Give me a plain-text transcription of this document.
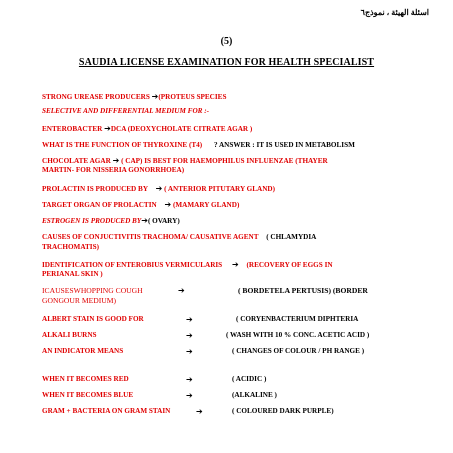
اسئلة الهيئة ، نموذج٦
(5)
SAUDIA LICENSE EXAMINATION FOR HEALTH SPECIALIST
STRONG UREASE PRODUCERS ➔(PROTEUS SPECIES
SELECTIVE AND DIFFERENTIAL MEDIUM FOR :-
ENTEROBACTER ➔DCA (DEOXYCHOLATE CITRATE AGAR )
WHAT IS THE FUNCTION OF THYROXINE (T4) ? ANSWER : IT IS USED IN METABOLISM
CHOCOLATE AGAR ➔ ( CAP) IS BEST FOR HAEMOPHILUS INFLUENZAE (THAYER
MARTIN- FOR NISSERIA GONORRHOEA)
PROLACTIN IS PRODUCED BY ➔ ( ANTERIOR PITUTARY GLAND)
TARGET ORGAN OF PROLACTIN ➔ (MAMARY GLAND)
ESTROGEN IS PRODUCED BY➔( OVARY)
CAUSES OF CONJUCTIVITIS TRACHOMA/ CAUSATIVE AGENT ( CHLAMYDIA
TRACHOMATIS)
IDENTIFICATION OF ENTEROBIUS VERMICULARIS ➔ (RECOVERY OF EGGS IN
PERIANAL SKIN )
ICAUSESWHOPPING COUGH	➔	( BORDETELA PERTUSIS) (BORDER
GONGOUR MEDIUM)
ALBERT STAIN IS GOOD FOR	➔	( CORYENBACTERIUM DIPHTERIA
ALKALI BURNS	➔	( WASH WITH 10 % CONC. ACETIC ACID )
AN INDICATOR MEANS	➔	( CHANGES OF COLOUR / PH RANGE )
WHEN IT BECOMES RED	➔	( ACIDIC )
WHEN IT BECOMES BLUE	➔	(ALKALINE )
GRAM + BACTERIA ON GRAM STAIN	➔	( COLOURED DARK PURPLE)
